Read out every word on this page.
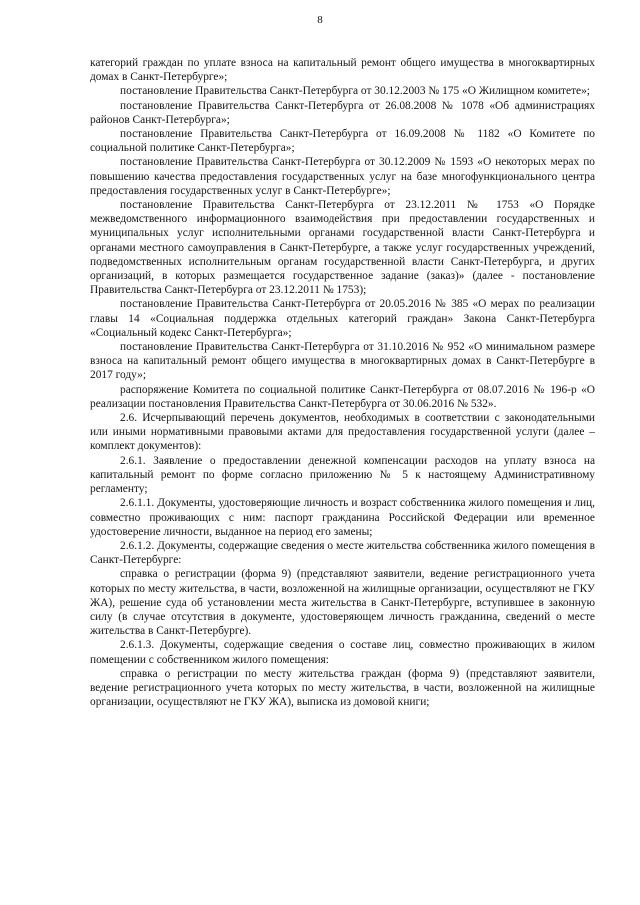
8

категорий граждан по уплате взноса на капитальный ремонт общего имущества в многоквартирных домах в Санкт-Петербурге»;

постановление Правительства Санкт-Петербурга от 30.12.2003 № 175 «О Жилищном комитете»;

постановление Правительства Санкт-Петербурга от 26.08.2008 № 1078 «Об администрациях районов Санкт-Петербурга»;

постановление Правительства Санкт-Петербурга от 16.09.2008 № 1182 «О Комитете по социальной политике Санкт-Петербурга»;

постановление Правительства Санкт-Петербурга от 30.12.2009 № 1593 «О некоторых мерах по повышению качества предоставления государственных услуг на базе многофункционального центра предоставления государственных услуг в Санкт-Петербурге»;

постановление Правительства Санкт-Петербурга от 23.12.2011 № 1753 «О Порядке межведомственного информационного взаимодействия при предоставлении государственных и муниципальных услуг исполнительными органами государственной власти Санкт-Петербурга и органами местного самоуправления в Санкт-Петербурге, а также услуг государственных учреждений, подведомственных исполнительным органам государственной власти Санкт-Петербурга, и других организаций, в которых размещается государственное задание (заказ)» (далее - постановление Правительства Санкт-Петербурга от 23.12.2011 № 1753);

постановление Правительства Санкт-Петербурга от 20.05.2016 № 385 «О мерах по реализации главы 14 «Социальная поддержка отдельных категорий граждан» Закона Санкт-Петербурга «Социальный кодекс Санкт-Петербурга»;

постановление Правительства Санкт-Петербурга от 31.10.2016 № 952 «О минимальном размере взноса на капитальный ремонт общего имущества в многоквартирных домах в Санкт-Петербурге в 2017 году»;

распоряжение Комитета по социальной политике Санкт-Петербурга от 08.07.2016 № 196-р «О реализации постановления Правительства Санкт-Петербурга от 30.06.2016 № 532».

2.6. Исчерпывающий перечень документов, необходимых в соответствии с законодательными или иными нормативными правовыми актами для предоставления государственной услуги (далее – комплект документов):

2.6.1. Заявление о предоставлении денежной компенсации расходов на уплату взноса на капитальный ремонт по форме согласно приложению № 5 к настоящему Административному регламенту;

2.6.1.1. Документы, удостоверяющие личность и возраст собственника жилого помещения и лиц, совместно проживающих с ним: паспорт гражданина Российской Федерации или временное удостоверение личности, выданное на период его замены;

2.6.1.2. Документы, содержащие сведения о месте жительства собственника жилого помещения в Санкт-Петербурге:

справка о регистрации (форма 9) (представляют заявители, ведение регистрационного учета которых по месту жительства, в части, возложенной на жилищные организации, осуществляют не ГКУ ЖА), решение суда об установлении места жительства в Санкт-Петербурге, вступившее в законную силу (в случае отсутствия в документе, удостоверяющем личность гражданина, сведений о месте жительства в Санкт-Петербурге).

2.6.1.3. Документы, содержащие сведения о составе лиц, совместно проживающих в жилом помещении с собственником жилого помещения:

справка о регистрации по месту жительства граждан (форма 9) (представляют заявители, ведение регистрационного учета которых по месту жительства, в части, возложенной на жилищные организации, осуществляют не ГКУ ЖА), выписка из домовой книги;
